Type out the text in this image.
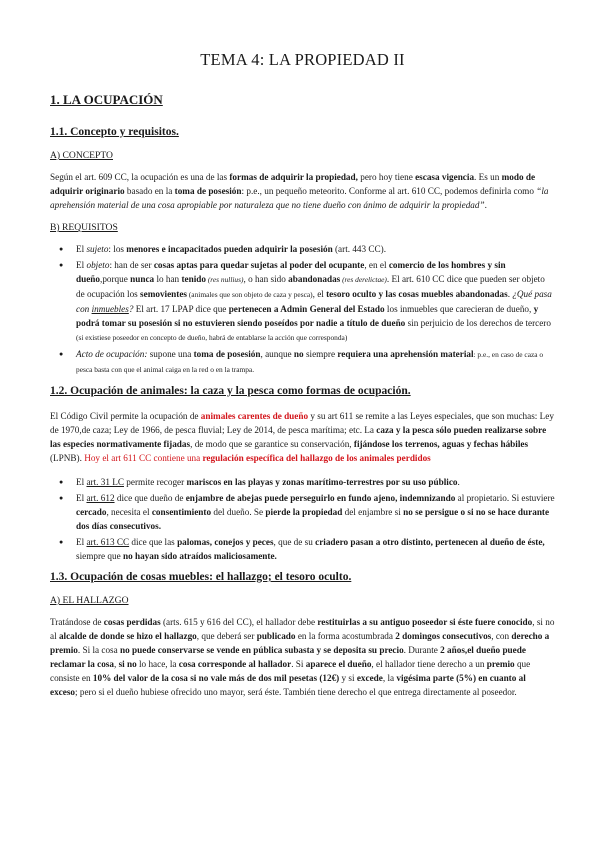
TEMA 4: LA PROPIEDAD II
1. LA OCUPACIÓN
1.1. Concepto y requisitos.
A) CONCEPTO

Según el art. 609 CC, la ocupación es una de las formas de adquirir la propiedad, pero hoy tiene escasa vigencia. Es un modo de adquirir originario basado en la toma de posesión: p.e., un pequeño meteorito. Conforme al art. 610 CC, podemos definirla como “la aprehensión material de una cosa apropiable por naturaleza que no tiene dueño con ánimo de adquirir la propiedad”.

B) REQUISITOS
● El sujeto: los menores e incapacitados pueden adquirir la posesión (art. 443 CC).
● El objeto: han de ser cosas aptas para quedar sujetas al poder del ocupante, en el comercio de los hombres y sin dueño,porque nunca lo han tenido (res nullius), o han sido abandonadas (res derelictae). El art. 610 CC dice que pueden ser objeto de ocupación los semovientes (animales que son objeto de caza y pesca), el tesoro oculto y las cosas muebles abandonadas. ¿Qué pasa con inmuebles? El art. 17 LPAP dice que pertenecen a Admin General del Estado los inmuebles que carecieran de dueño, y podrá tomar su posesión si no estuvieren siendo poseídos por nadie a título de dueño sin perjuicio de los derechos de tercero (si existiese poseedor en concepto de dueño, habrá de entablarse la acción que corresponda)
● Acto de ocupación: supone una toma de posesión, aunque no siempre requiera una aprehensión material: p.e., en caso de caza o pesca basta con que el animal caiga en la red o en la trampa.
1.2. Ocupación de animales: la caza y la pesca como formas de ocupación.

El Código Civil permite la ocupación de animales carentes de dueño y su art 611 se remite a las Leyes especiales, que son muchas: Ley de 1970,de caza; Ley de 1966, de pesca fluvial; Ley de 2014, de pesca marítima; etc. La caza y la pesca sólo pueden realizarse sobre las especies normativamente fijadas, de modo que se garantice su conservación, fijándose los terrenos, aguas y fechas hábiles (LPNB). Hoy el art 611 CC contiene una regulación específica del hallazgo de los animales perdidos

● El art. 31 LC permite recoger mariscos en las playas y zonas marítimo-terrestres por su uso público.
● El art. 612 dice que dueño de enjambre de abejas puede perseguirlo en fundo ajeno, indemnizando al propietario. Si estuviere cercado, necesita el consentimiento del dueño. Se pierde la propiedad del enjambre si no se persigue o si no se hace durante dos días consecutivos.
● El art. 613 CC dice que las palomas, conejos y peces, que de su criadero pasan a otro distinto, pertenecen al dueño de éste, siempre que no hayan sido atraídos maliciosamente.
1.3. Ocupación de cosas muebles: el hallazgo; el tesoro oculto.
A) EL HALLAZGO

Tratándose de cosas perdidas (arts. 615 y 616 del CC), el hallador debe restituirlas a su antiguo poseedor si éste fuere conocido, si no al alcalde de donde se hizo el hallazgo, que deberá ser publicado en la forma acostumbrada 2 domingos consecutivos, con derecho a premio. Si la cosa no puede conservarse se vende en pública subasta y se deposita su precio. Durante 2 años,el dueño puede reclamar la cosa, si no lo hace, la cosa corresponde al hallador. Si aparece el dueño, el hallador tiene derecho a un premio que consiste en 10% del valor de la cosa si no vale más de dos mil pesetas (12€) y si excede, la vigésima parte (5%) en cuanto al exceso; pero si el dueño hubiese ofrecido uno mayor, será éste. También tiene derecho el que entrega directamente al poseedor.
